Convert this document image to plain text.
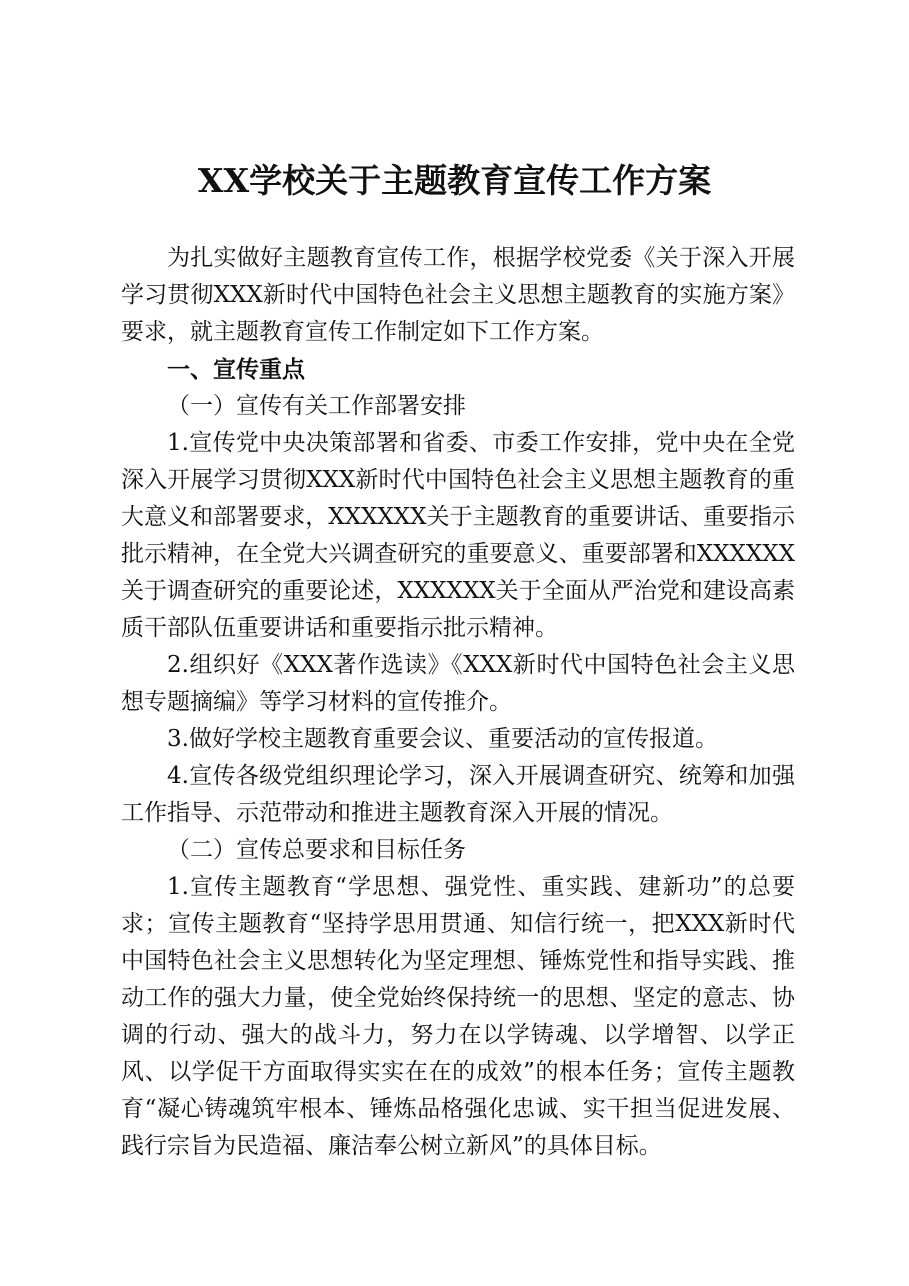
XX学校关于主题教育宣传工作方案

为扎实做好主题教育宣传工作，根据学校党委《关于深入开展学习贯彻XXX新时代中国特色社会主义思想主题教育的实施方案》要求，就主题教育宣传工作制定如下工作方案。

一、宣传重点

（一）宣传有关工作部署安排

1.宣传党中央决策部署和省委、市委工作安排，党中央在全党深入开展学习贯彻XXX新时代中国特色社会主义思想主题教育的重大意义和部署要求，XXXXXX关于主题教育的重要讲话、重要指示批示精神，在全党大兴调查研究的重要意义、重要部署和XXXXXX关于调查研究的重要论述，XXXXXX关于全面从严治党和建设高素质干部队伍重要讲话和重要指示批示精神。

2.组织好《XXX著作选读》《XXX新时代中国特色社会主义思想专题摘编》等学习材料的宣传推介。

3.做好学校主题教育重要会议、重要活动的宣传报道。

4.宣传各级党组织理论学习，深入开展调查研究、统筹和加强工作指导、示范带动和推进主题教育深入开展的情况。

（二）宣传总要求和目标任务

1.宣传主题教育“学思想、强党性、重实践、建新功”的总要求；宣传主题教育“坚持学思用贯通、知信行统一，把XXX新时代中国特色社会主义思想转化为坚定理想、锤炼党性和指导实践、推动工作的强大力量，使全党始终保持统一的思想、坚定的意志、协调的行动、强大的战斗力，努力在以学铸魂、以学增智、以学正风、以学促干方面取得实实在在的成效”的根本任务；宣传主题教育“凝心铸魂筑牢根本、锤炼品格强化忠诚、实干担当促进发展、践行宗旨为民造福、廉洁奉公树立新风”的具体目标。
